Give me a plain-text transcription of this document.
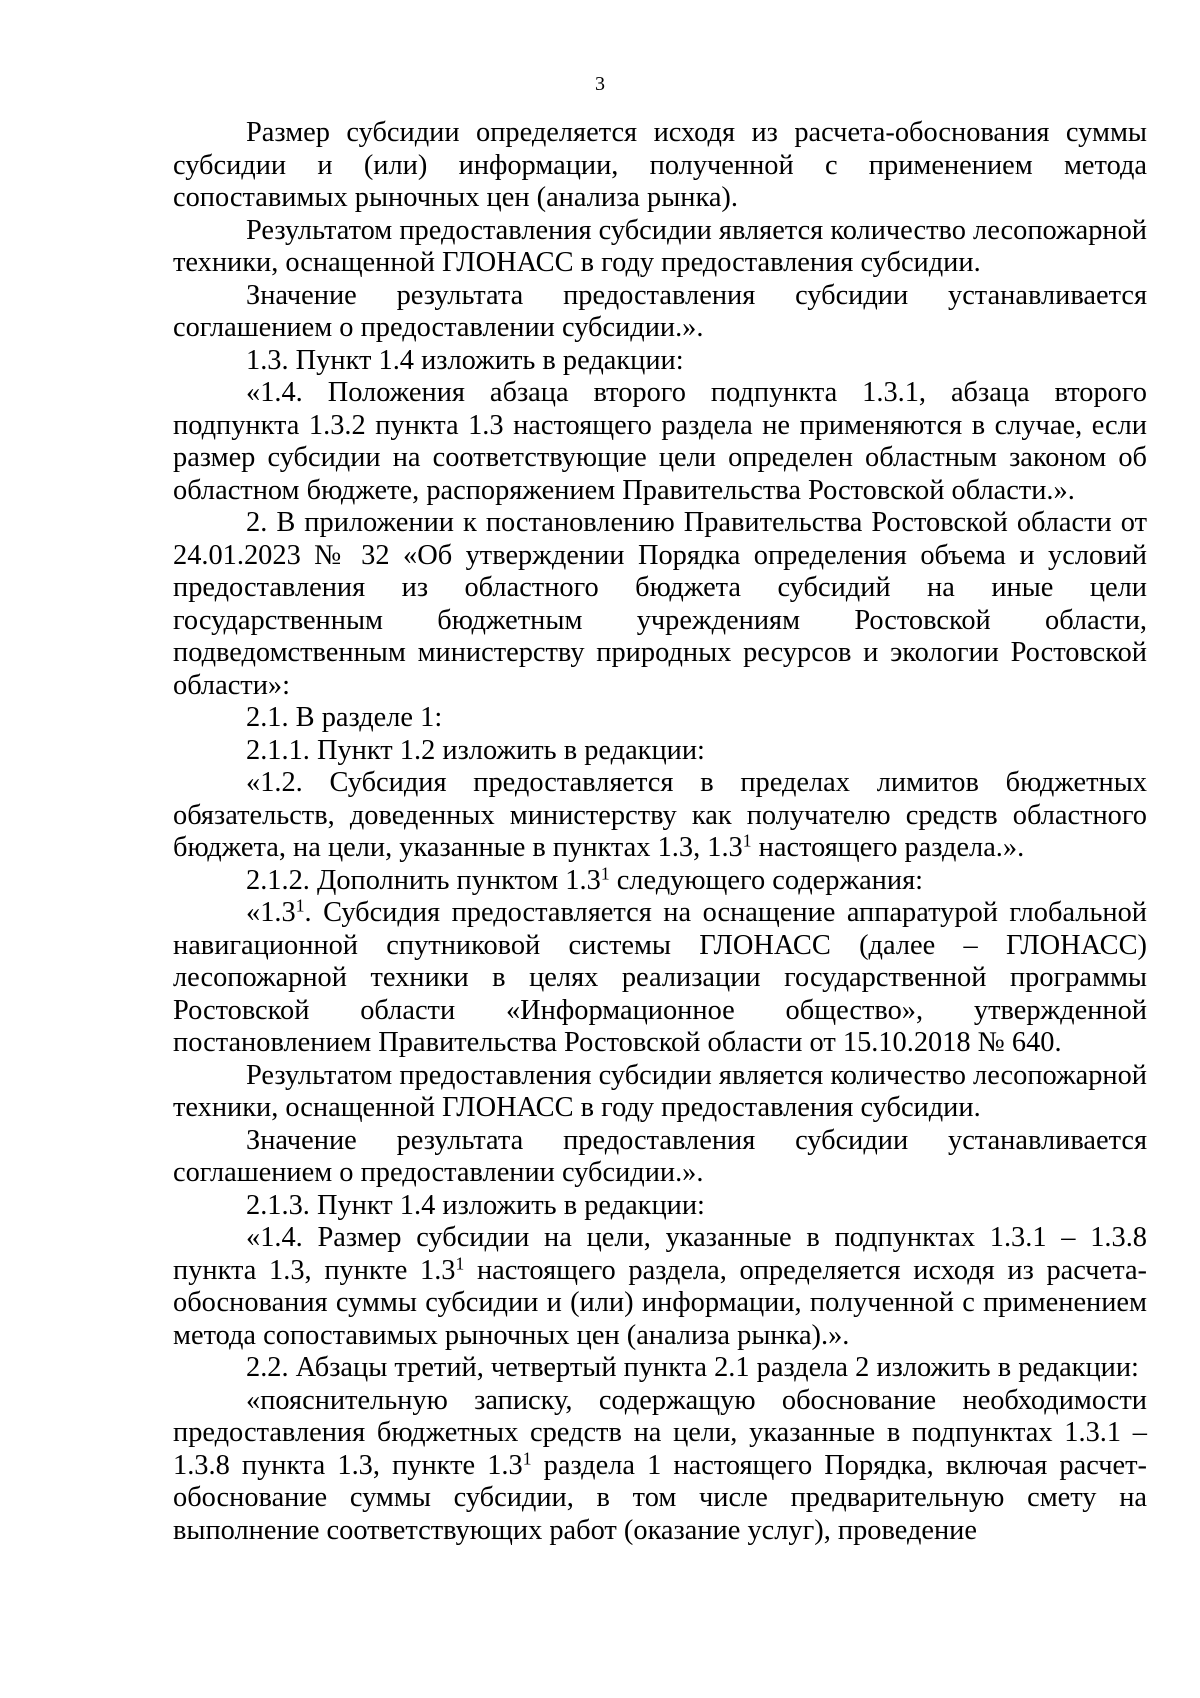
3

Размер субсидии определяется исходя из расчета-обоснования суммы субсидии и (или) информации, полученной с применением метода сопоставимых рыночных цен (анализа рынка).

Результатом предоставления субсидии является количество лесопожарной техники, оснащенной ГЛОНАСС в году предоставления субсидии.

Значение результата предоставления субсидии устанавливается соглашением о предоставлении субсидии.».

1.3. Пункт 1.4 изложить в редакции:

«1.4. Положения абзаца второго подпункта 1.3.1, абзаца второго подпункта 1.3.2 пункта 1.3 настоящего раздела не применяются в случае, если размер субсидии на соответствующие цели определен областным законом об областном бюджете, распоряжением Правительства Ростовской области.».

2. В приложении к постановлению Правительства Ростовской области от 24.01.2023 № 32 «Об утверждении Порядка определения объема и условий предоставления из областного бюджета субсидий на иные цели государственным бюджетным учреждениям Ростовской области, подведомственным министерству природных ресурсов и экологии Ростовской области»:

2.1. В разделе 1:

2.1.1. Пункт 1.2 изложить в редакции:

«1.2. Субсидия предоставляется в пределах лимитов бюджетных обязательств, доведенных министерству как получателю средств областного бюджета, на цели, указанные в пунктах 1.3, $1.3^1$ настоящего раздела.».

2.1.2. Дополнить пунктом $1.3^1$ следующего содержания:

«$1.3^1$. Субсидия предоставляется на оснащение аппаратурой глобальной навигационной спутниковой системы ГЛОНАСС (далее – ГЛОНАСС) лесопожарной техники в целях реализации государственной программы Ростовской области «Информационное общество», утвержденной постановлением Правительства Ростовской области от 15.10.2018 № 640.

Результатом предоставления субсидии является количество лесопожарной техники, оснащенной ГЛОНАСС в году предоставления субсидии.

Значение результата предоставления субсидии устанавливается соглашением о предоставлении субсидии.».

2.1.3. Пункт 1.4 изложить в редакции:

«1.4. Размер субсидии на цели, указанные в подпунктах 1.3.1 – 1.3.8 пункта 1.3, пункте $1.3^1$ настоящего раздела, определяется исходя из расчета-обоснования суммы субсидии и (или) информации, полученной с применением метода сопоставимых рыночных цен (анализа рынка).».

2.2. Абзацы третий, четвертый пункта 2.1 раздела 2 изложить в редакции:

«пояснительную записку, содержащую обоснование необходимости предоставления бюджетных средств на цели, указанные в подпунктах 1.3.1 – 1.3.8 пункта 1.3, пункте $1.3^1$ раздела 1 настоящего Порядка, включая расчет-обоснование суммы субсидии, в том числе предварительную смету на выполнение соответствующих работ (оказание услуг), проведение
